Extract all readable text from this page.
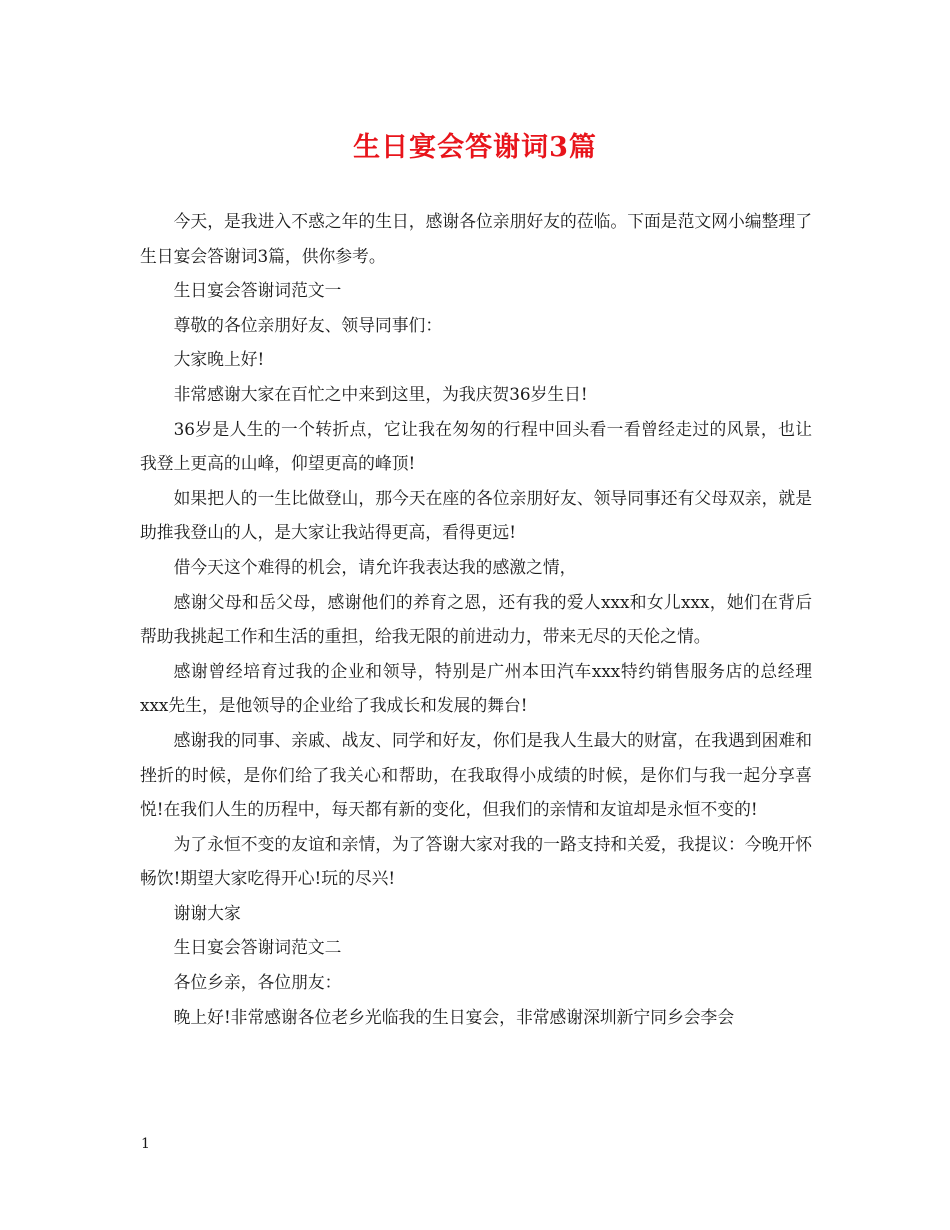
生日宴会答谢词3篇

今天，是我进入不惑之年的生日，感谢各位亲朋好友的莅临。下面是范文网小编整理了生日宴会答谢词3篇，供你参考。

生日宴会答谢词范文一

尊敬的各位亲朋好友、领导同事们：

大家晚上好!

非常感谢大家在百忙之中来到这里，为我庆贺36岁生日!

36岁是人生的一个转折点，它让我在匆匆的行程中回头看一看曾经走过的风景，也让我登上更高的山峰，仰望更高的峰顶!

如果把人的一生比做登山，那今天在座的各位亲朋好友、领导同事还有父母双亲，就是助推我登山的人，是大家让我站得更高，看得更远!

借今天这个难得的机会，请允许我表达我的感激之情，

感谢父母和岳父母，感谢他们的养育之恩，还有我的爱人xxx和女儿xxx，她们在背后帮助我挑起工作和生活的重担，给我无限的前进动力，带来无尽的天伦之情。

感谢曾经培育过我的企业和领导，特别是广州本田汽车xxx特约销售服务店的总经理xxx先生，是他领导的企业给了我成长和发展的舞台!

感谢我的同事、亲戚、战友、同学和好友，你们是我人生最大的财富，在我遇到困难和挫折的时候，是你们给了我关心和帮助，在我取得小成绩的时候，是你们与我一起分享喜悦!在我们人生的历程中，每天都有新的变化，但我们的亲情和友谊却是永恒不变的!

为了永恒不变的友谊和亲情，为了答谢大家对我的一路支持和关爱，我提议：今晚开怀畅饮!期望大家吃得开心!玩的尽兴!

谢谢大家

生日宴会答谢词范文二

各位乡亲，各位朋友：

晚上好!非常感谢各位老乡光临我的生日宴会，非常感谢深圳新宁同乡会李会

1
